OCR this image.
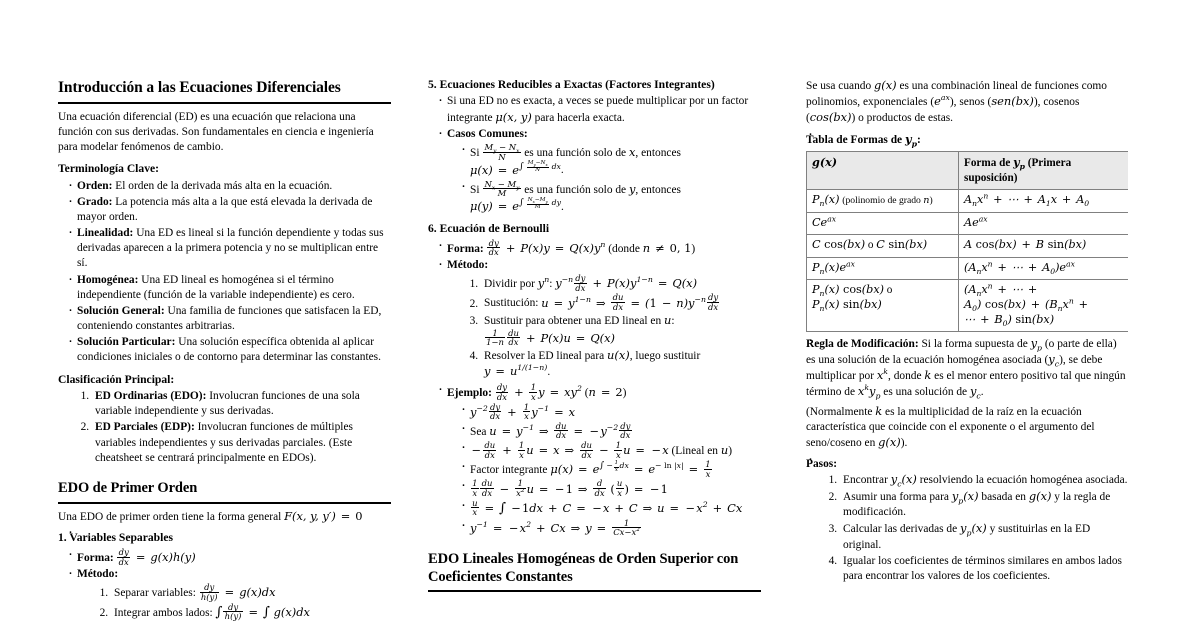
Introducción a las Ecuaciones Diferenciales

Una ecuación diferencial (ED) es una ecuación que relaciona una función con sus derivadas. Son fundamentales en ciencia e ingeniería para modelar fenómenos de cambio.

Terminología Clave:
· Orden: El orden de la derivada más alta en la ecuación.
· Grado: La potencia más alta a la que está elevada la derivada de mayor orden.
· Linealidad: Una ED es lineal si la función dependiente y todas sus derivadas aparecen a la primera potencia y no se multiplican entre sí.
· Homogénea: Una ED lineal es homogénea si el término independiente (función de la variable independiente) es cero.
· Solución General: Una familia de funciones que satisfacen la ED, conteniendo constantes arbitrarias.
· Solución Particular: Una solución específica obtenida al aplicar condiciones iniciales o de contorno para determinar las constantes.
Clasificación Principal:
1. ED Ordinarias (EDO): Involucran funciones de una sola variable independiente y sus derivadas.
2. ED Parciales (EDP): Involucran funciones de múltiples variables independientes y sus derivadas parciales. (Este cheatsheet se centrará principalmente en EDOs).
EDO de Primer Orden

Una EDO de primer orden tiene la forma general F(x, y, y′) = 0

1. Variables Separables
· Forma: $\frac{dy}{dx} = g(x)h(y)$
· Método:
1. Separar variables: $\frac{dy}{h(y)} = g(x)dx$
2. Integrar ambos lados: ∫ $\frac{dy}{h(y)}$ = ∫ g(x)dx
5. Ecuaciones Reducibles a Exactas (Factores Integrantes)
· Si una ED no es exacta, a veces se puede multiplicar por un factor integrante μ(x, y) para hacerla exacta.
· Casos Comunes:
· Si $\frac{M_y - N_x}{N}$ es una función solo de x, entonces $\mu(x) = e^{\int \frac{M_y-N_x}{N} dx}$.
· Si $\frac{N_x - M_y}{M}$ es una función solo de y, entonces $\mu(y) = e^{\int \frac{N_x-M_y}{M} dy}$.
6. Ecuación de Bernoulli
· Forma: $\frac{dy}{dx} + P(x)y = Q(x)y^n$ (donde n ≠ 0, 1)
· Método:
1. Dividir por $y^n$: $y^{-n} \frac{dy}{dx} + P(x)y^{1-n} = Q(x)$
2. Sustitución: $u = y^{1-n}$ ⇒ $\frac{du}{dx} = (1 - n)y^{-n} \frac{dy}{dx}$
3. Sustituir para obtener una ED lineal en u:
$\frac{1}{1-n} \frac{du}{dx} + P(x)u = Q(x)$
4. Resolver la ED lineal para u(x), luego sustituir $y = u^{1/(1-n)}$.
· Ejemplo: $\frac{dy}{dx} + \frac{1}{x}$ $y = xy^2$ (n = 2)
· $y^{-2} \frac{dy}{dx} + \frac{1}{x} y^{-1} = x$
· Sea $u = y^{-1}$ ⇒ $\frac{du}{dx} = -y^{-2} \frac{dy}{dx}$
· − $\frac{du}{dx} + \frac{1}{x}$ u = x ⇒ $\frac{du}{dx} - \frac{1}{x}$ u = −x (Lineal en u)
· Factor integrante $\mu(x) = e^{\int - \frac{1}{x} dx} = e^{- ln |x|} = \frac{1}{x}$
· $\frac{1}{x} \frac{du}{dx} - \frac{1}{x^2}$ u = −1 ⇒ $\frac{d}{dx}$ ( $\frac{u}{x}$ ) = −1
· $\frac{u}{x}$ = ∫ −1dx + C = −x + C ⇒ $u = -x^2 + Cx$
· $y^{-1} = -x^2 + Cx$ ⇒ $y = \frac{1}{Cx-x^2}$
EDO Lineales Homogéneas de Orden Superior con Coeficientes Constantes

Se usa cuando g(x) es una combinación lineal de funciones como polinomios, exponenciales $(e^{ax})$, senos (sen(bx)), cosenos (cos(bx)) o productos de estas.

Tabla de Formas de $y_p$:
g(x)	Forma de $y_p$ (Primera suposición)
$P_n(x)$ (polinomio de grado n)	$A_nx^n$ + ⋯ + $A_1x + A_0$
$Ce^{ax}$	$Ae^{ax}$
C cos(bx) o C sin(bx)	A cos(bx) + B sin(bx)
$P_n(x)e^{ax}$	($A_nx^n$ + ⋯ + $A_0)e^{ax}$
$P_n(x)$ cos(bx) o
$P_n(x)$ sin(bx)	($A_nx^n$ + ⋯ +
$A_0$) $\cos(bx) + (B_nx^n$ +
⋯ + $B_0$) sin(bx)

Regla de Modificación: Si la forma supuesta de $y_p$ (o parte de ella) es una solución de la ecuación homogénea asociada $(y_c)$, se debe multiplicar por $x^k$, donde k es el menor entero positivo tal que ningún término de $x^ky_p$ es una solución de $y_c$.

(Normalmente k es la multiplicidad de la raíz en la ecuación característica que coincide con el exponente o el argumento del seno/coseno en g(x)).

Pasos:
1. Encontrar $y_c(x)$ resolviendo la ecuación homogénea asociada.
2. Asumir una forma para $y_p(x)$ basada en g(x) y la regla de modificación.
3. Calcular las derivadas de $y_p(x)$ y sustituirlas en la ED original.
4. Igualar los coeficientes de términos similares en ambos lados para encontrar los valores de los coeficientes.
